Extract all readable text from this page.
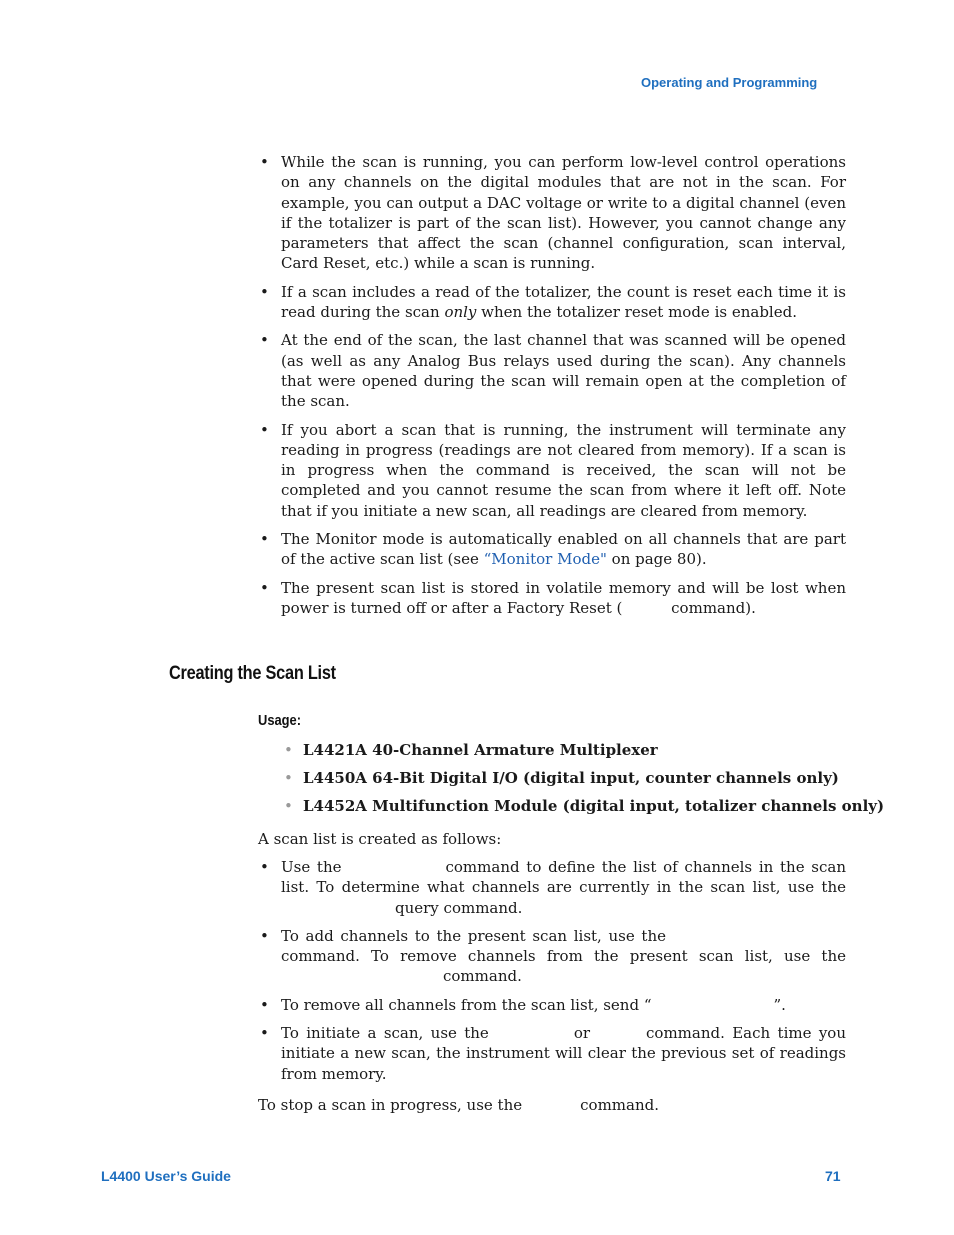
Operating and Programming
• While the scan is running, you can perform low-level control operations on any channels on the digital modules that are not in the scan. For example, you can output a DAC voltage or write to a digital channel (even if the totalizer is part of the scan list). However, you cannot change any parameters that affect the scan (channel configuration, scan interval, Card Reset, etc.) while a scan is running.
• If a scan includes a read of the totalizer, the count is reset each time it is read during the scan only when the totalizer reset mode is enabled.
• At the end of the scan, the last channel that was scanned will be opened (as well as any Analog Bus relays used during the scan). Any channels that were opened during the scan will remain open at the completion of the scan.
• If you abort a scan that is running, the instrument will terminate any reading in progress (readings are not cleared from memory). If a scan is in progress when the command is received, the scan will not be completed and you cannot resume the scan from where it left off. Note that if you initiate a new scan, all readings are cleared from memory.
• The Monitor mode is automatically enabled on all channels that are part of the active scan list (see “Monitor Mode" on page 80).
• The present scan list is stored in volatile memory and will be lost when power is turned off or after a Factory Reset (	command).
Creating the Scan List
Usage:
• L4421A 40-Channel Armature Multiplexer
• L4450A 64-Bit Digital I/O (digital input, counter channels only)
• L4452A Multifunction Module (digital input, totalizer channels only)
A scan list is created as follows:
• Use the	command to define the list of channels in the scan list. To determine what channels are currently in the scan list, use thequery command.
• To add channels to the present scan list, use thecommand. To remove channels from the present scan list, use thecommand.
• To remove all channels from the scan list, send “	”.
• To initiate a scan, use the	or	command. Each time you initiate a new scan, the instrument will clear the previous set of readings from memory.
To stop a scan in progress, use the	command.
L4400 User’s Guide	71
